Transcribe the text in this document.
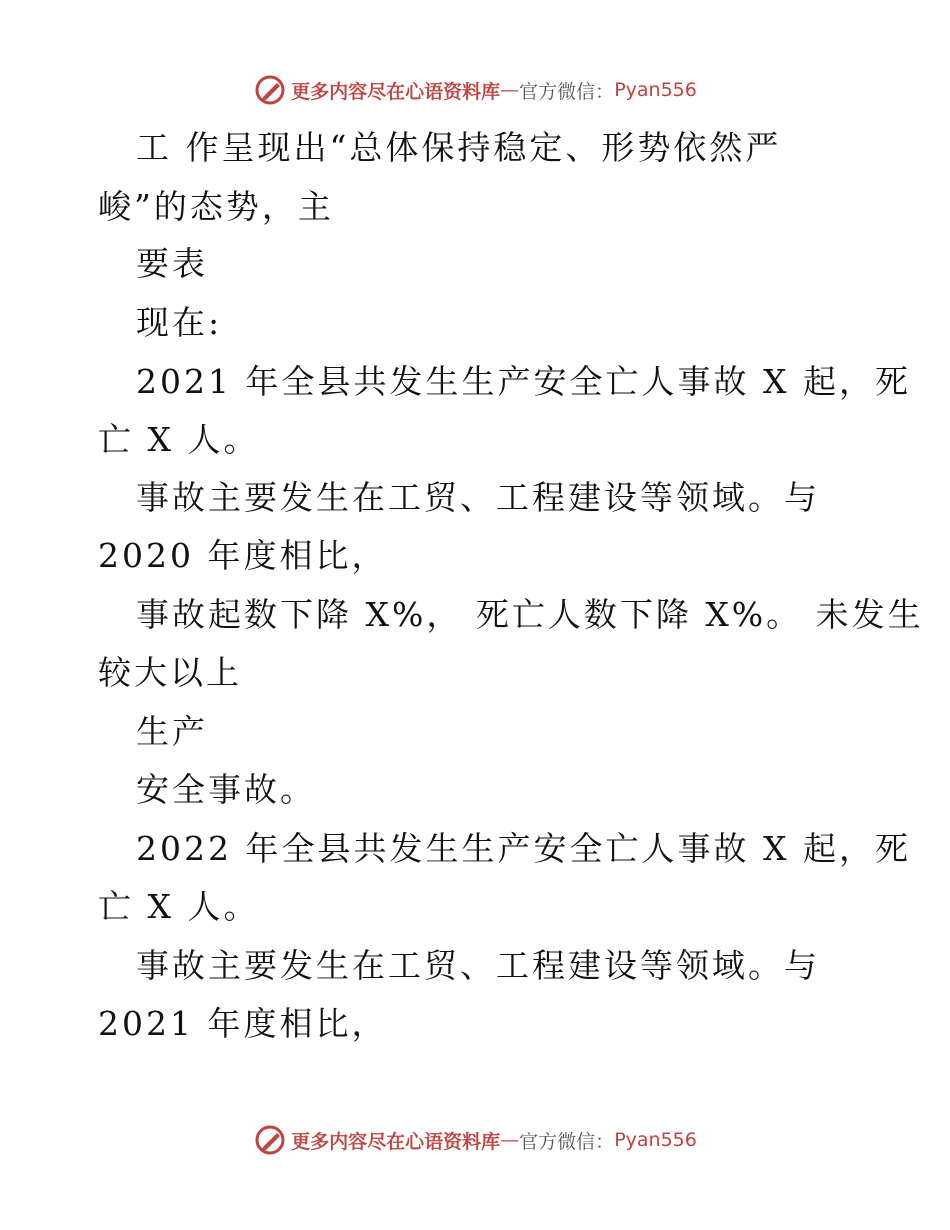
更多内容尽在心语资料库 — 官方微信： Pyan556
工 作呈现出“总体保持稳定、形势依然严
峻”的态势，主
要表
现在:
2021 年全县共发生生产安全亡人事故 X 起，死
亡 X 人。
事故主要发生在工贸、工程建设等领域。与
2020 年度相比，
事故起数下降 X%， 死亡人数下降 X%。 未发生
较大以上
生产
安全事故。
2022 年全县共发生生产安全亡人事故 X 起，死
亡 X 人。
事故主要发生在工贸、工程建设等领域。与
2021 年度相比，
更多内容尽在心语资料库 — 官方微信： Pyan556
